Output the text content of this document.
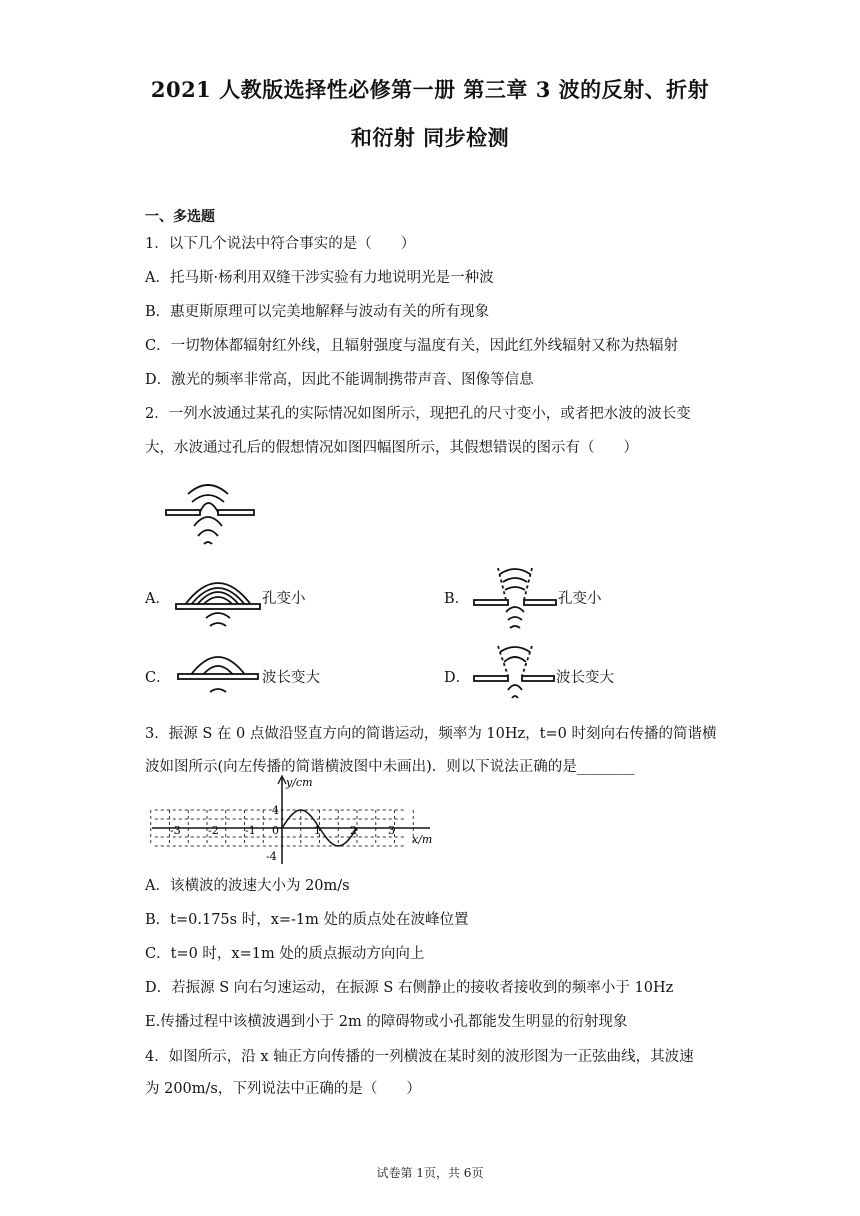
2021 人教版选择性必修第一册 第三章 3 波的反射、折射
和衍射 同步检测
一、多选题
1．以下几个说法中符合事实的是（　　）
A．托马斯·杨利用双缝干涉实验有力地说明光是一种波
B．惠更斯原理可以完美地解释与波动有关的所有现象
C．一切物体都辐射红外线，且辐射强度与温度有关，因此红外线辐射又称为热辐射
D．激光的频率非常高，因此不能调制携带声音、图像等信息
2．一列水波通过某孔的实际情况如图所示，现把孔的尺寸变小，或者把水波的波长变
大，水波通过孔后的假想情况如图四幅图所示，其假想错误的图示有（　　）
A．	孔变小	B．	孔变小
C．	波长变大	D．	波长变大
3．振源 S 在 0 点做沿竖直方向的简谐运动，频率为 10Hz，t=0 时刻向右传播的简谐横
波如图所示(向左传播的简谐横波图中未画出)．则以下说法正确的是________
y/cm
x/m
-3 -2 -1 0	1	2	3
4
-4
A．该横波的波速大小为 20m/s
B．t=0.175s 时，x=-1m 处的质点处在波峰位置
C．t=0 时，x=1m 处的质点振动方向向上
D．若振源 S 向右匀速运动，在振源 S 右侧静止的接收者接收到的频率小于 10Hz
E.传播过程中该横波遇到小于 2m 的障碍物或小孔都能发生明显的衍射现象
4．如图所示，沿 x 轴正方向传播的一列横波在某时刻的波形图为一正弦曲线，其波速
为 200m/s，下列说法中正确的是（　　）
试卷第 1页，共 6页
